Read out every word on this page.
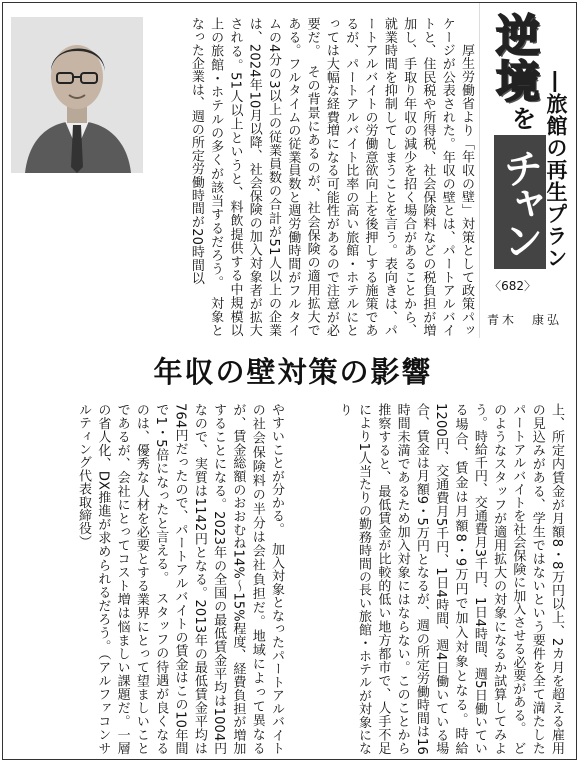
　厚生労働省より「年収の壁」対策として政策パッケージが公表された。年収の壁とは、パートアルバイトと、住民税や所得税、社会保険料などの税負担が増加し、手取り年収の減少を招く場合があることから、就業時間を抑制してしまうことを言う。表向きは、パートアルバイトの労働意欲向上を後押しする施策であるが、パートアルバイト比率の高い旅館・ホテルにとっては大幅な経費増になる可能性があるので注意が必要だ。　その背景にあるのが、社会保険の適用拡大である。フルタイムの従業員数と週労働時間がフルタイムの4分の3以上の従業員数の合計が51人以上の企業は、2024年10月以降、社会保険の加入対象者が拡大される。51人以上というと、料飲提供する中規模以上の旅館・ホテルの多くが該当するだろう。　対象となった企業は、週の所定労働時間が20時間以	逆
境
を
チャン ―旅館の再生プラン
〈682〉
青木　康弘
年収の壁対策の影響

上、所定内賃金が月額8・8万円以上、2カ月を超える雇用の見込みがある、学生ではないという要件を全て満たしたパートアルバイトを社会保険に加入させる必要がある。　どのようなスタッフが適用拡大の対象になるか試算してみよう。時給千円、交通費月3千円、1日4時間、週5日働いている場合、賃金は月額8・9万円で加入対象となる。時給1200円、交通費月5千円、1日4時間、週4日働いている場合、賃金は月額9・5万円となるが、週の所定労働時間は16時間未満であるため加入対象にはならない。このことから推察すると、最低賃金が比較的低い地方都市で、人手不足により1人当たりの勤務時間の長い旅館・ホテルが対象になり

やすいことが分かる。　加入対象となったパートアルバイトの社会保険料の半分は会社負担だ。地域によって異なるが、賃金総額のおおむね14%～15%程度、経費負担が増加することになる。2023年の全国の最低賃金平均は1004円なので、実質は1142円となる。2013年の最低賃金平均は764円だったので、パートアルバイトの賃金はこの10年間で1・5倍になったと言える。　スタッフの待遇が良くなるのは、優秀な人材を必要とする業界にとって望ましいことであるが、会社にとってコスト増は悩ましい課題だ。一層の省人化、DX推進が求められるだろう。（アルファコンサルティング代表取締役）
